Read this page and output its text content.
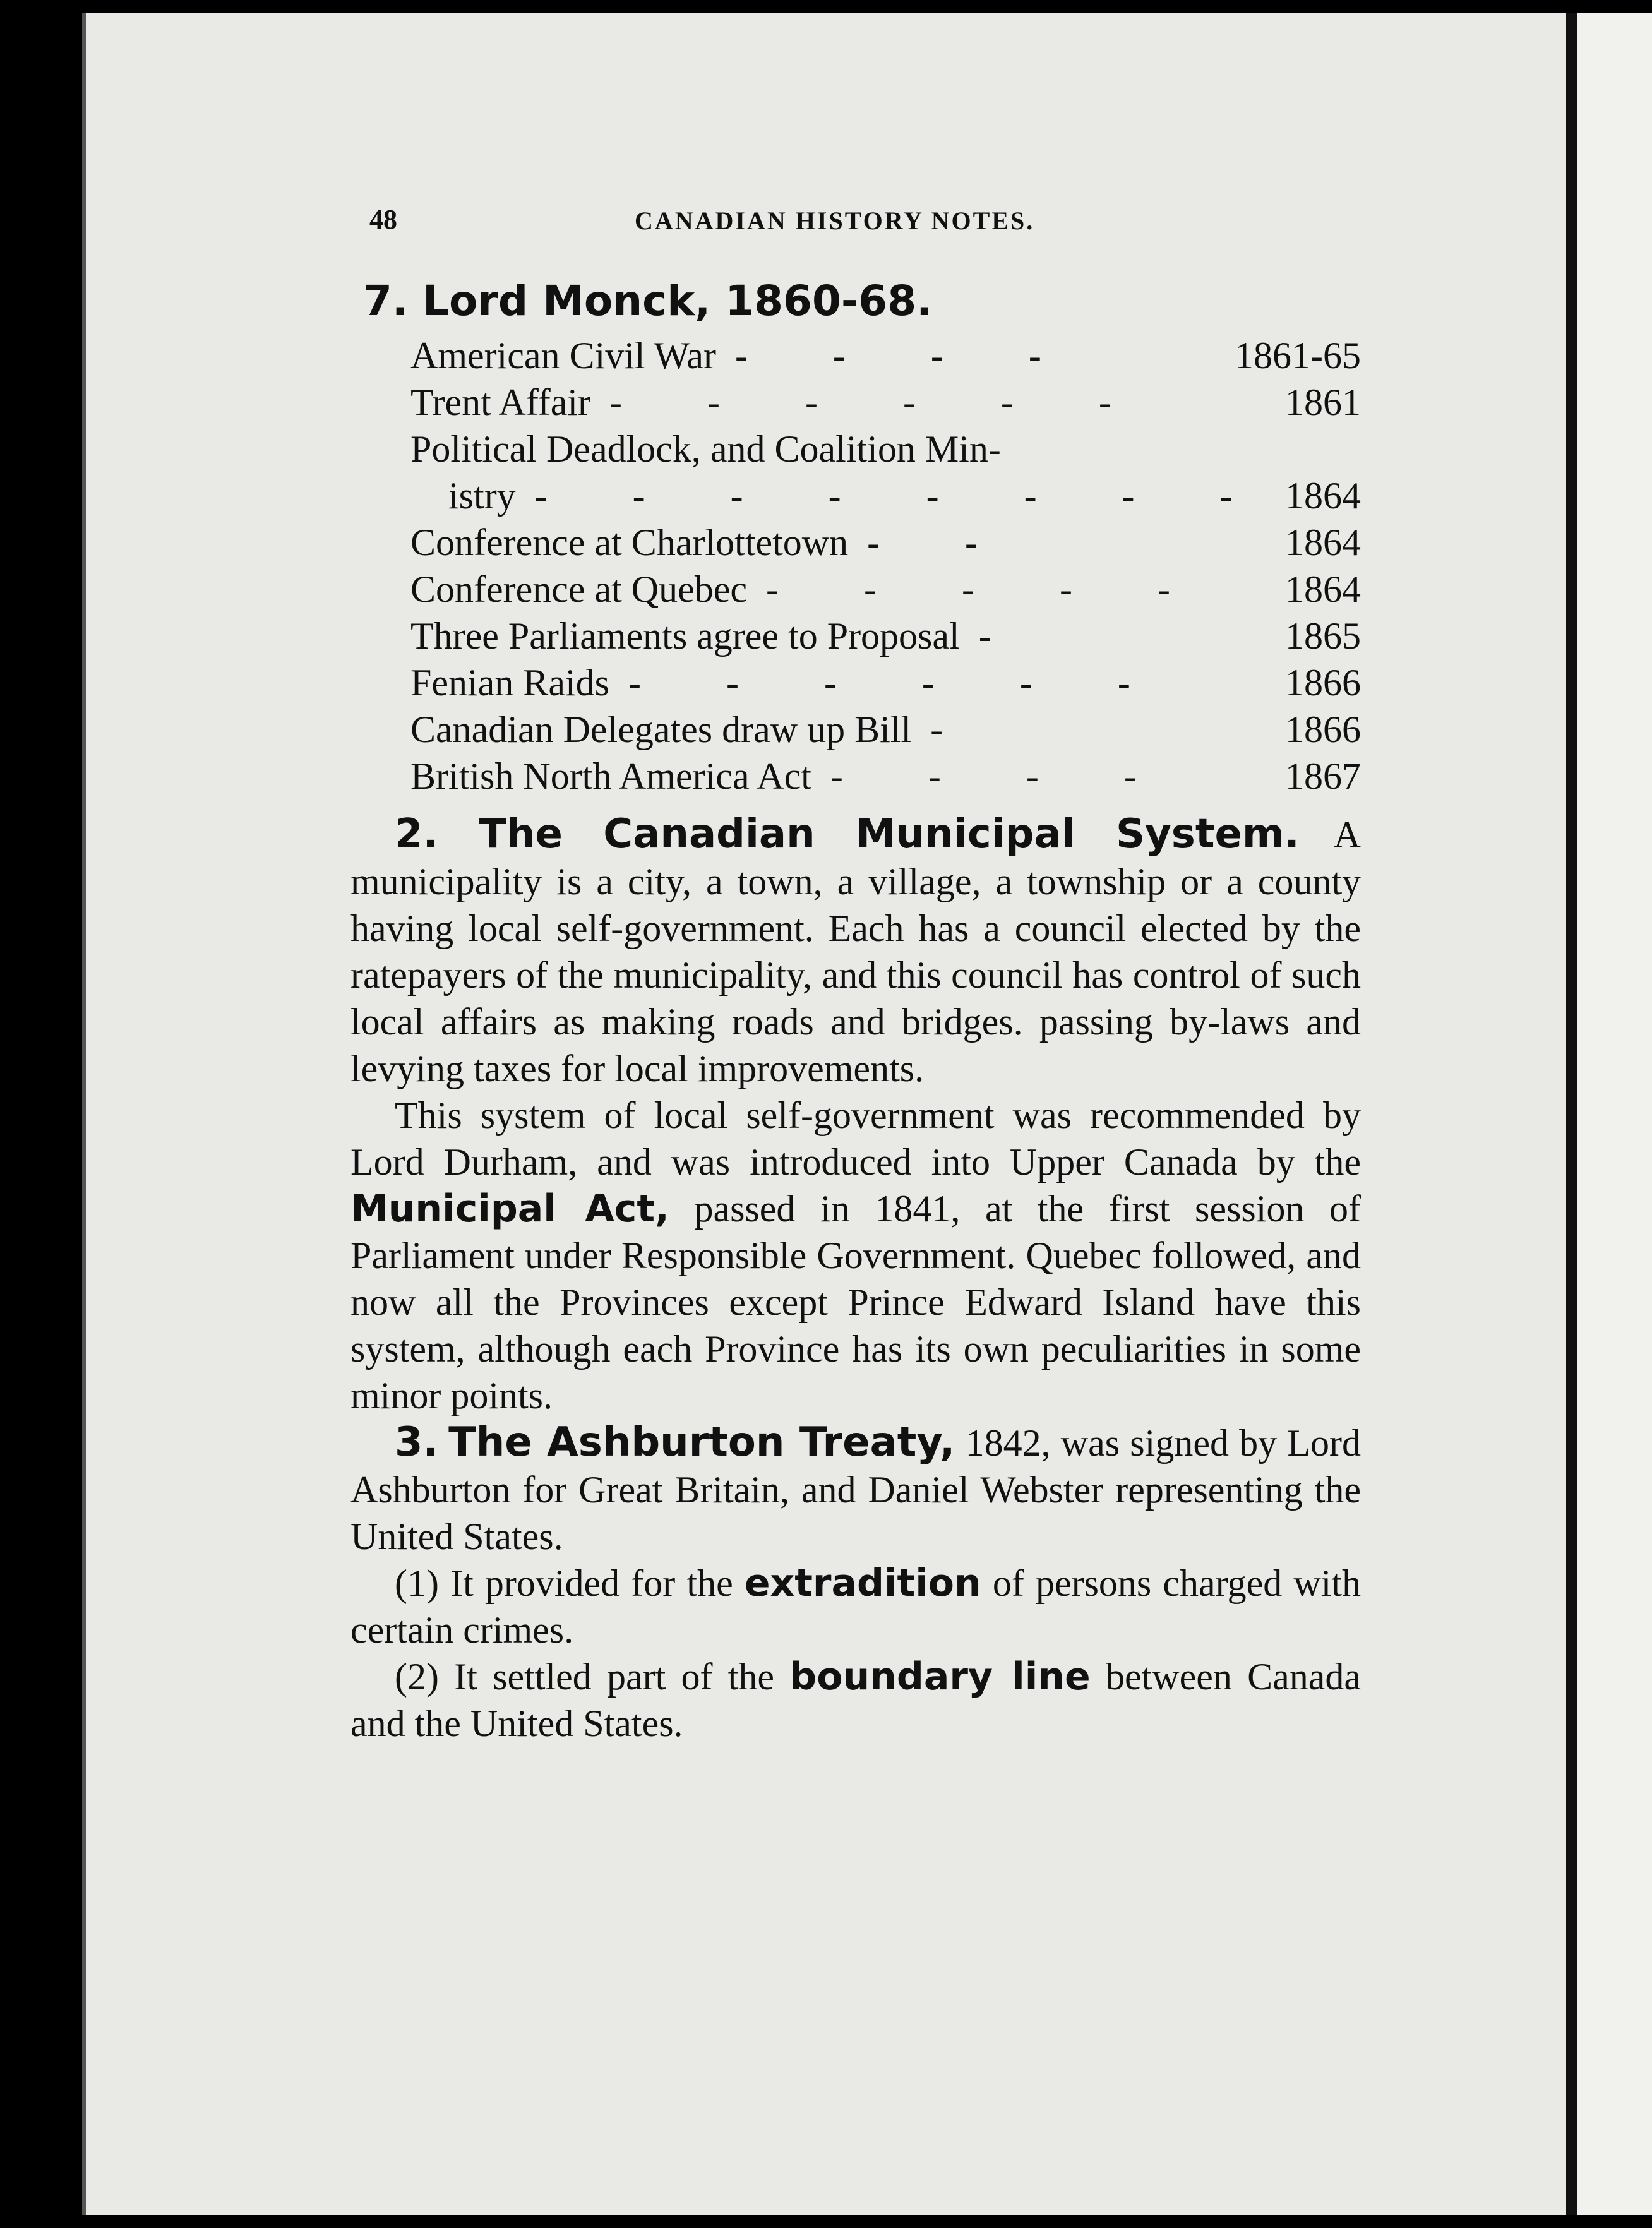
48	CANADIAN HISTORY NOTES.
7. Lord Monck, 1860-68.
American Civil War - - - -	1861-65
Trent Affair - - - - - -	1861
Political Deadlock, and Coalition Min-
istry - - - - - - - - 1864
Conference at Charlottetown - -	1864
Conference at Quebec - - - - -	1864
Three Parliaments agree to Proposal -	1865
Fenian Raids - - - - - -	1866
Canadian Delegates draw up Bill -	1866
British North America Act - - - -	1867

2. The Canadian Municipal System. A municipality is a city, a town, a village, a township or a county having local self-government. Each has a council elected by the ratepayers of the municipality, and this council has control of such local affairs as making roads and bridges. passing by-laws and levying taxes for local improvements.

This system of local self-government was recommended by Lord Durham, and was introduced into Upper Canada by the Municipal Act, passed in 1841, at the first session of Parliament under Responsible Government. Quebec followed, and now all the Provinces except Prince Edward Island have this system, although each Province has its own peculiarities in some minor points.

3. The Ashburton Treaty, 1842, was signed by Lord Ashburton for Great Britain, and Daniel Webster representing the United States.

(1) It provided for the extradition of persons charged with certain crimes.

(2) It settled part of the boundary line between Canada and the United States.
